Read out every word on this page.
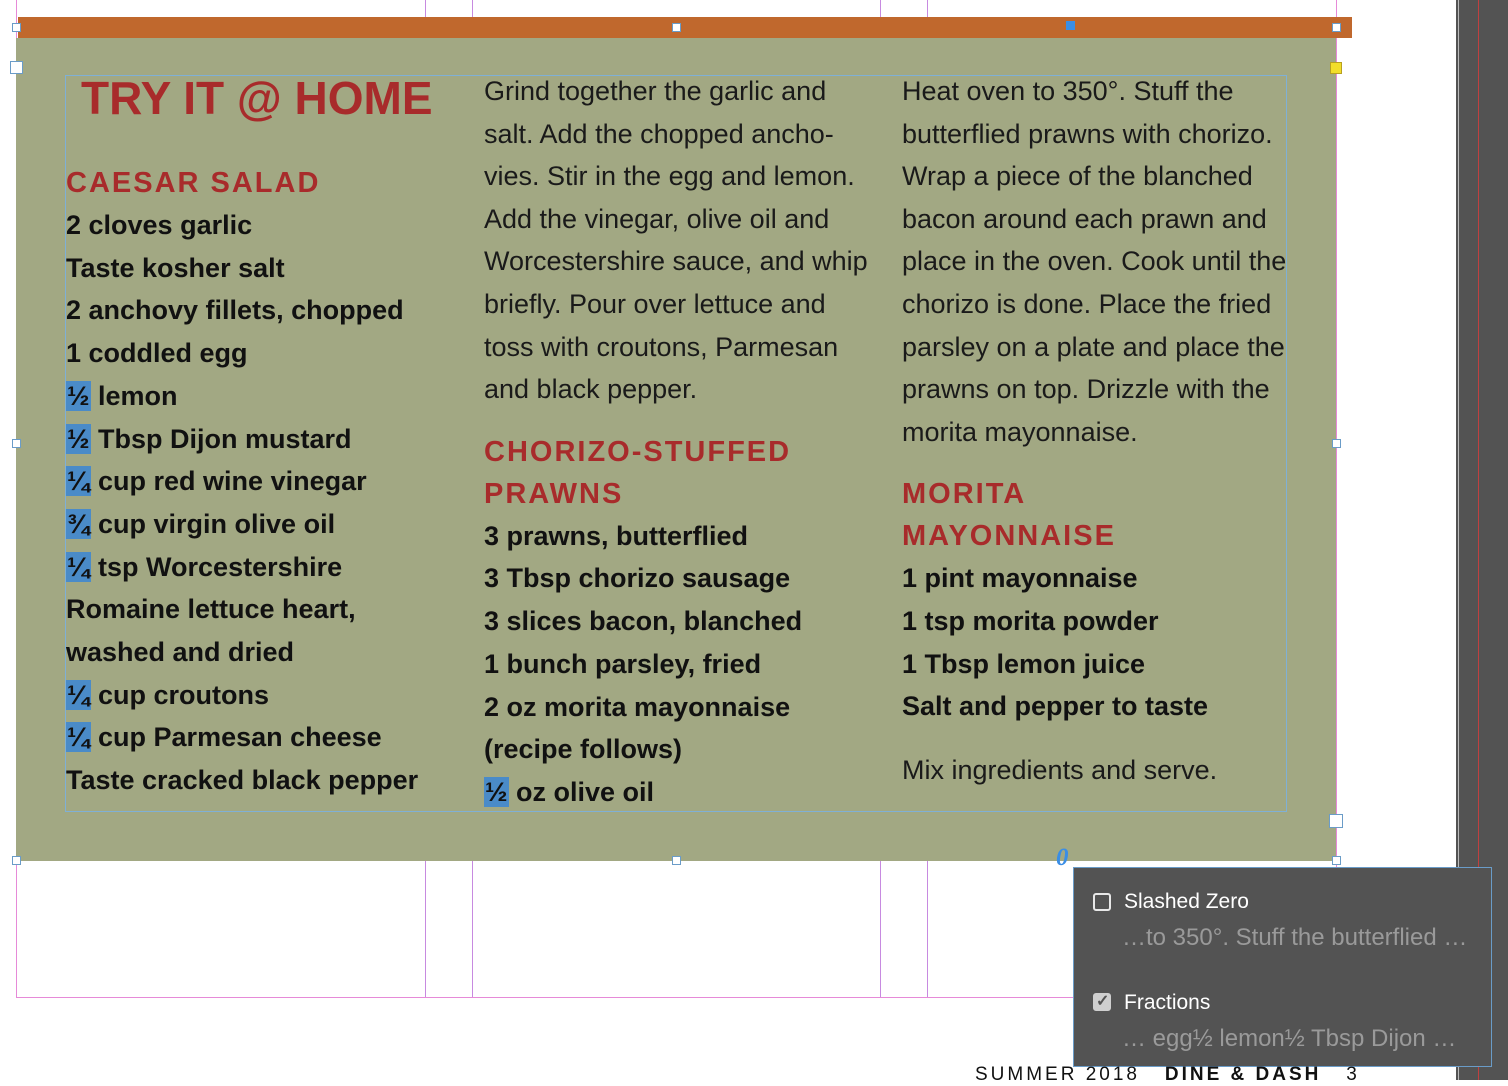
TRY IT @ HOME
CAESAR SALAD
2 cloves garlic
Taste kosher salt
2 anchovy fillets, chopped
1 coddled egg
½ lemon
½ Tbsp Dijon mustard
¼ cup red wine vinegar
¾ cup virgin olive oil
¼ tsp Worcestershire
Romaine lettuce heart,
washed and dried
¼ cup croutons
¼ cup Parmesan cheese
Taste cracked black pepper
Grind together the garlic and
salt. Add the chopped ancho-
vies. Stir in the egg and lemon.
Add the vinegar, olive oil and
Worcestershire sauce, and whip
briefly. Pour over lettuce and
toss with croutons, Parmesan
and black pepper.
CHORIZO-STUFFED
PRAWNS
3 prawns, butterflied
3 Tbsp chorizo sausage
3 slices bacon, blanched
1 bunch parsley, fried
2 oz morita mayonnaise
(recipe follows)
½ oz olive oil
Heat oven to 350°. Stuff the
butterflied prawns with chorizo.
Wrap a piece of the blanched
bacon around each prawn and
place in the oven. Cook until the
chorizo is done. Place the fried
parsley on a plate and place the
prawns on top. Drizzle with the
morita mayonnaise.
MORITA
MAYONNAISE
1 pint mayonnaise
1 tsp morita powder
1 Tbsp lemon juice
Salt and pepper to taste
Mix ingredients and serve.
0
Slashed Zero
…to 350°. Stuff the butterflied …
✓ Fractions
… egg½ lemon½ Tbsp Dijon …
SUMMER 2018 DINE & DASH 3
